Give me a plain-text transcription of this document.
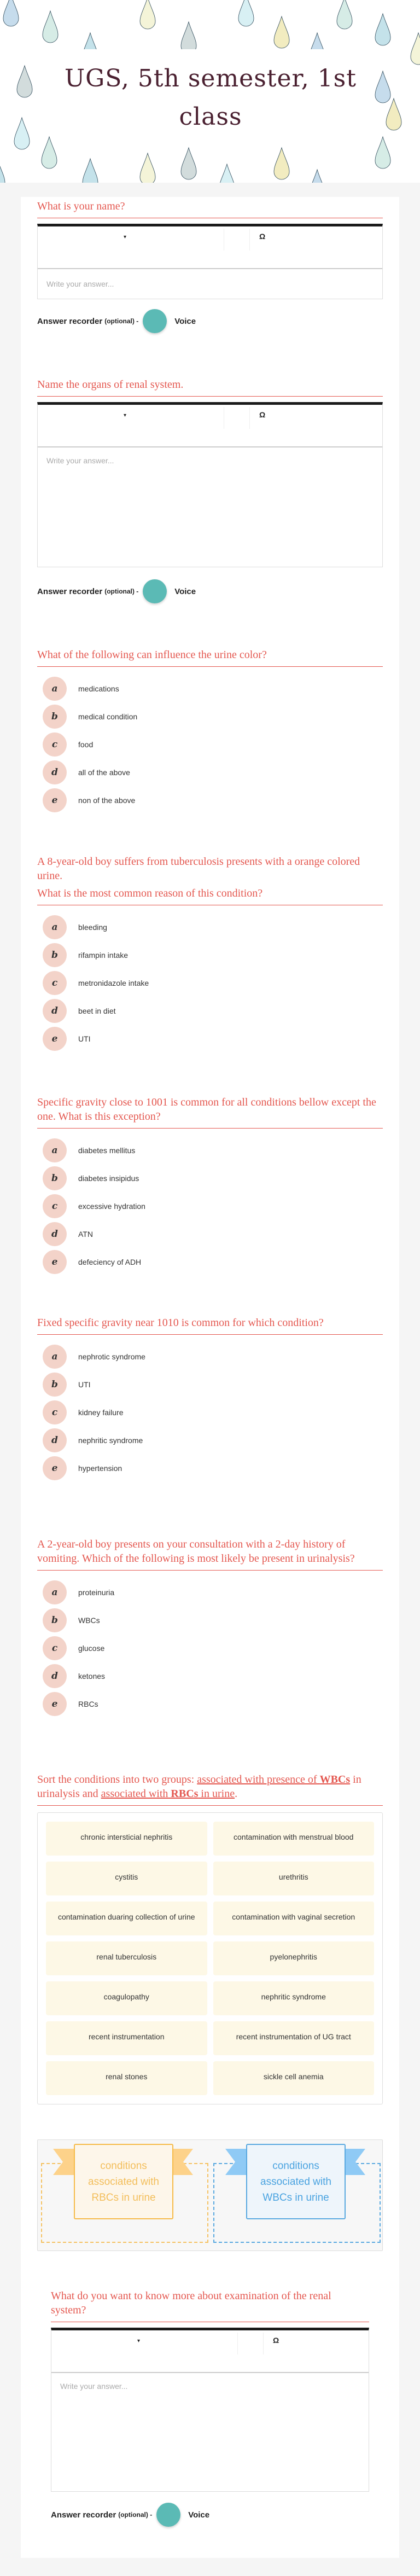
UGS, 5th semester, 1st class
What is your name?
▾	Ω
Write your answer...
Answer recorder (optional) -	Voice
Name the organs of renal system.
▾	Ω
Write your answer...
Answer recorder (optional) -	Voice
What of the following can influence the urine color?
a	medications
b	medical condition
c	food
d	all of the above
e	non of the above
A 8-year-old boy suffers from tuberculosis presents with a orange colored urine.
What is the most common reason of this condition?
a	bleeding
b	rifampin intake
c	metronidazole intake
d	beet in diet
e	UTI
Specific gravity close to 1001 is common for all conditions bellow except the one. What is this exception?
a	diabetes mellitus
b	diabetes insipidus
c	excessive hydration
d	ATN
e	defeciency of ADH
Fixed specific gravity near 1010 is common for which condition?
a	nephrotic syndrome
b	UTI
c	kidney failure
d	nephritic syndrome
e	hypertension
A 2-year-old boy presents on your consultation with a 2-day history of vomiting. Which of the following is most likely be present in urinalysis?
a	proteinuria
b	WBCs
c	glucose
d	ketones
e	RBCs
Sort the conditions into two groups: associated with presence of WBCs in urinalysis and associated with RBCs in urine.
chronic intersticial nephritis	contamination with menstrual blood
cystitis	urethritis
contamination duaring collection of urine	contamination with vaginal secretion
renal tuberculosis	pyelonephritis
coagulopathy	nephritic syndrome
recent instrumentation	recent instrumentation of UG tract
renal stones	sickle cell anemia
conditions associated with RBCs in urine
conditions associated with WBCs in urine
What do you want to know more about examination of the renal system?
▾	Ω
Write your answer...
Answer recorder (optional) -	Voice
